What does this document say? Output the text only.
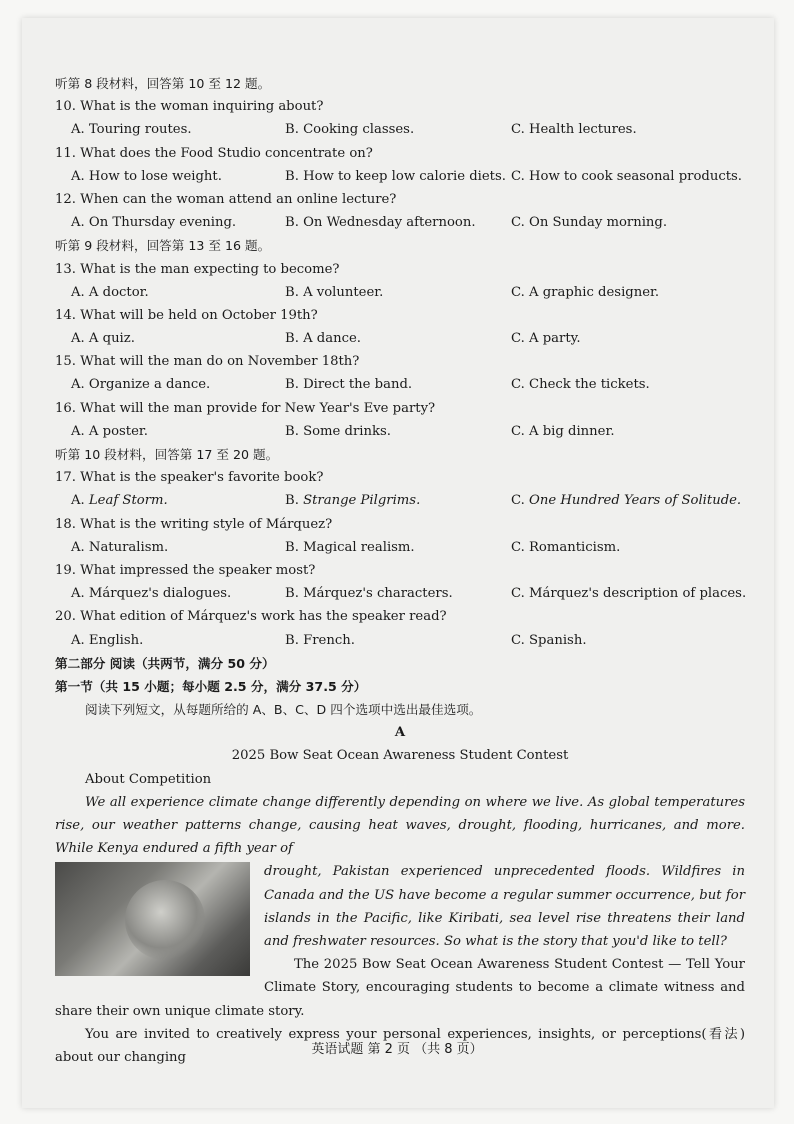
听第 8 段材料，回答第 10 至 12 题。
10. What is the woman inquiring about?
A. Touring routes.	B. Cooking classes.	C. Health lectures.
11. What does the Food Studio concentrate on?
A. How to lose weight.	B. How to keep low calorie diets. C. How to cook seasonal products.
12. When can the woman attend an online lecture?
A. On Thursday evening.	B. On Wednesday afternoon.	C. On Sunday morning.
听第 9 段材料，回答第 13 至 16 题。
13. What is the man expecting to become?
A. A doctor.	B. A volunteer.	C. A graphic designer.
14. What will be held on October 19th?
A. A quiz.	B. A dance.	C. A party.
15. What will the man do on November 18th?
A. Organize a dance.	B. Direct the band.	C. Check the tickets.
16. What will the man provide for New Year's Eve party?
A. A poster.	B. Some drinks.	C. A big dinner.
听第 10 段材料，回答第 17 至 20 题。
17. What is the speaker's favorite book?
A. Leaf Storm.	B. Strange Pilgrims.	C. One Hundred Years of Solitude.
18. What is the writing style of Márquez?
A. Naturalism.	B. Magical realism.	C. Romanticism.
19. What impressed the speaker most?
A. Márquez's dialogues.	B. Márquez's characters.	C. Márquez's description of places.
20. What edition of Márquez's work has the speaker read?
A. English.	B. French.	C. Spanish.
第二部分 阅读（共两节，满分 50 分）
第一节（共 15 小题；每小题 2.5 分，满分 37.5 分）
阅读下列短文，从每题所给的 A、B、C、D 四个选项中选出最佳选项。
A
2025 Bow Seat Ocean Awareness Student Contest
About Competition
We all experience climate change differently depending on where we live. As global temperatures rise, our weather patterns change, causing heat waves, drought, flooding, hurricanes, and more. While Kenya endured a fifth year of
drought, Pakistan experienced unprecedented floods. Wildfires in Canada and the US have become a regular summer occurrence, but for islands in the Pacific, like Kiribati, sea level rise threatens their land and freshwater resources. So what is the story that you'd like to tell?
The 2025 Bow Seat Ocean Awareness Student Contest — Tell Your Climate Story, encouraging students to become a climate witness and share their own unique climate story.
You are invited to creatively express your personal experiences, insights, or perceptions(看法) about our changing
英语试题 第 2 页 （共 8 页）
